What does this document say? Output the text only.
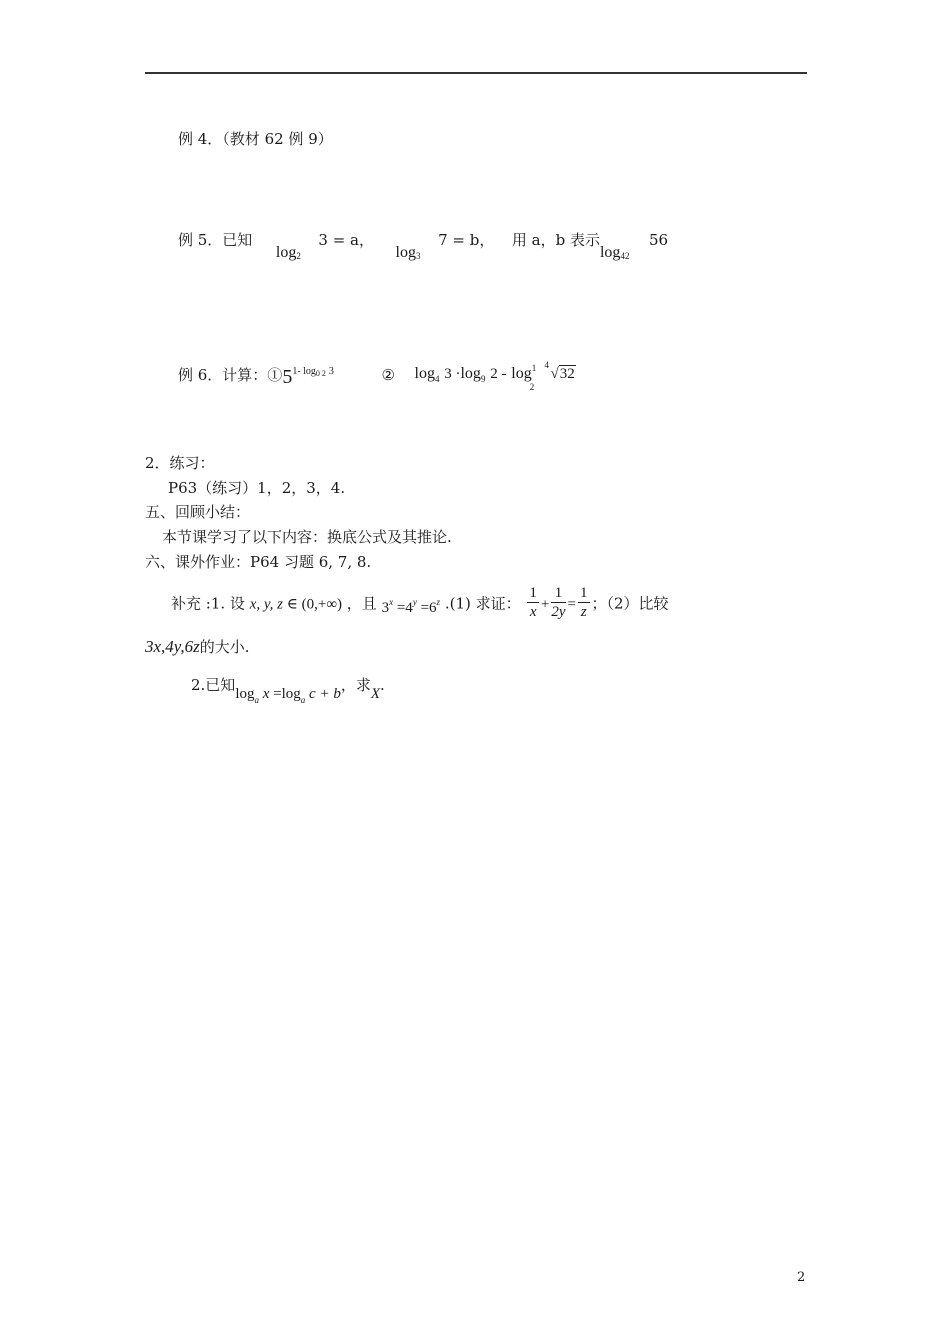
例 4．（教材 62 例 9）
例 5．已知  $\log_2 3 = a$，  $\log_3 7 = b$， 用 a，b 表示$\log_{42} 56$
例 6．计算：$①5^{1- log0 2}$ $^3$	② log4 3 ·log9 2 - log 1
2

4
√32
2．练习：
P63（练习）1，2，3，4.
五、回顾小结：
本节课学习了以下内容：换底公式及其推论.
六、课外作业：P64 习题 6, 7, 8.
补充 :1. 设 x, y, z ∈ (0,+∞) ，且 $3^x =4^y =6^z$ .(1) 求证： $\frac{1}{x} + \frac{1}{2y} = \frac{1}{z}$ ；（2）比较
3x,4y,6z的大小.
2.已知$\log_a x =\log_a$ c + b，求X.
2
